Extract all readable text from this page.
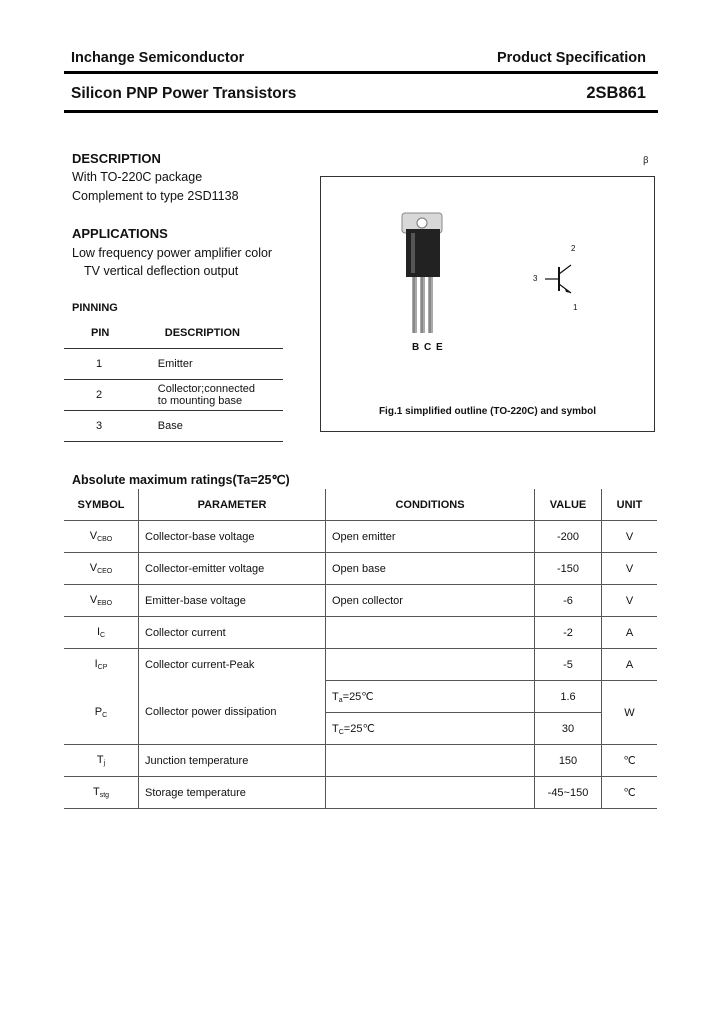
Inchange Semiconductor	Product Specification
Silicon PNP Power Transistors	2SB861
DESCRIPTION	ꞵ
With TO-220C package
Complement to type 2SD1138
APPLICATIONS
Low frequency power amplifier color
TV vertical deflection output
PINNING
PIN	DESCRIPTION
1	Emitter
2	Collector;connected to mounting base
3	Base
2
3
1
B C E
Fig.1 simplified outline (TO-220C) and symbol
Absolute maximum ratings(Ta=25℃)
SYMBOL	PARAMETER	CONDITIONS	VALUE	UNIT
$V_{CBO}$	Collector-base voltage	Open emitter	-200	V
$V_{CEO}$	Collector-emitter voltage	Open base	-150	V
$V_{EBO}$	Emitter-base voltage	Open collector	-6	V
$I_C$	Collector current		-2	A
$I_{CP}$	Collector current-Peak		-5	A
$P_C$	Collector power dissipation	$T_a=25℃$	1.6	W
		$T_C=25℃$	30	
$T_j$	Junction temperature		150	℃
$T_{stg}$	Storage temperature		-45~150	℃
